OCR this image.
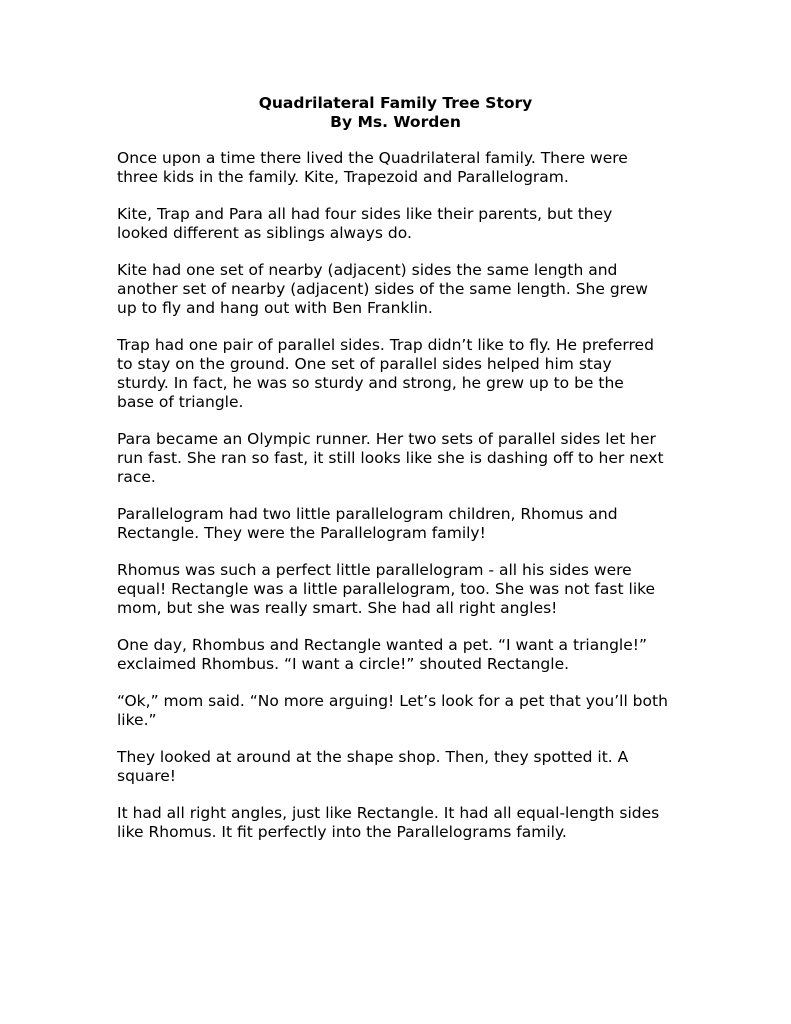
Quadrilateral Family Tree Story
By Ms. Worden

Once upon a time there lived the Quadrilateral family. There were
three kids in the family. Kite, Trapezoid and Parallelogram.

Kite, Trap and Para all had four sides like their parents, but they
looked different as siblings always do.

Kite had one set of nearby (adjacent) sides the same length and
another set of nearby (adjacent) sides of the same length. She grew
up to fly and hang out with Ben Franklin.

Trap had one pair of parallel sides. Trap didn’t like to fly. He preferred
to stay on the ground. One set of parallel sides helped him stay
sturdy. In fact, he was so sturdy and strong, he grew up to be the
base of triangle.

Para became an Olympic runner. Her two sets of parallel sides let her
run fast. She ran so fast, it still looks like she is dashing off to her next
race.

Parallelogram had two little parallelogram children, Rhomus and
Rectangle. They were the Parallelogram family!

Rhomus was such a perfect little parallelogram - all his sides were
equal! Rectangle was a little parallelogram, too. She was not fast like
mom, but she was really smart. She had all right angles!

One day, Rhombus and Rectangle wanted a pet. “I want a triangle!”
exclaimed Rhombus. “I want a circle!” shouted Rectangle.

“Ok,” mom said. “No more arguing! Let’s look for a pet that you’ll both
like.”

They looked at around at the shape shop. Then, they spotted it. A
square!

It had all right angles, just like Rectangle. It had all equal-length sides
like Rhomus. It fit perfectly into the Parallelograms family.
